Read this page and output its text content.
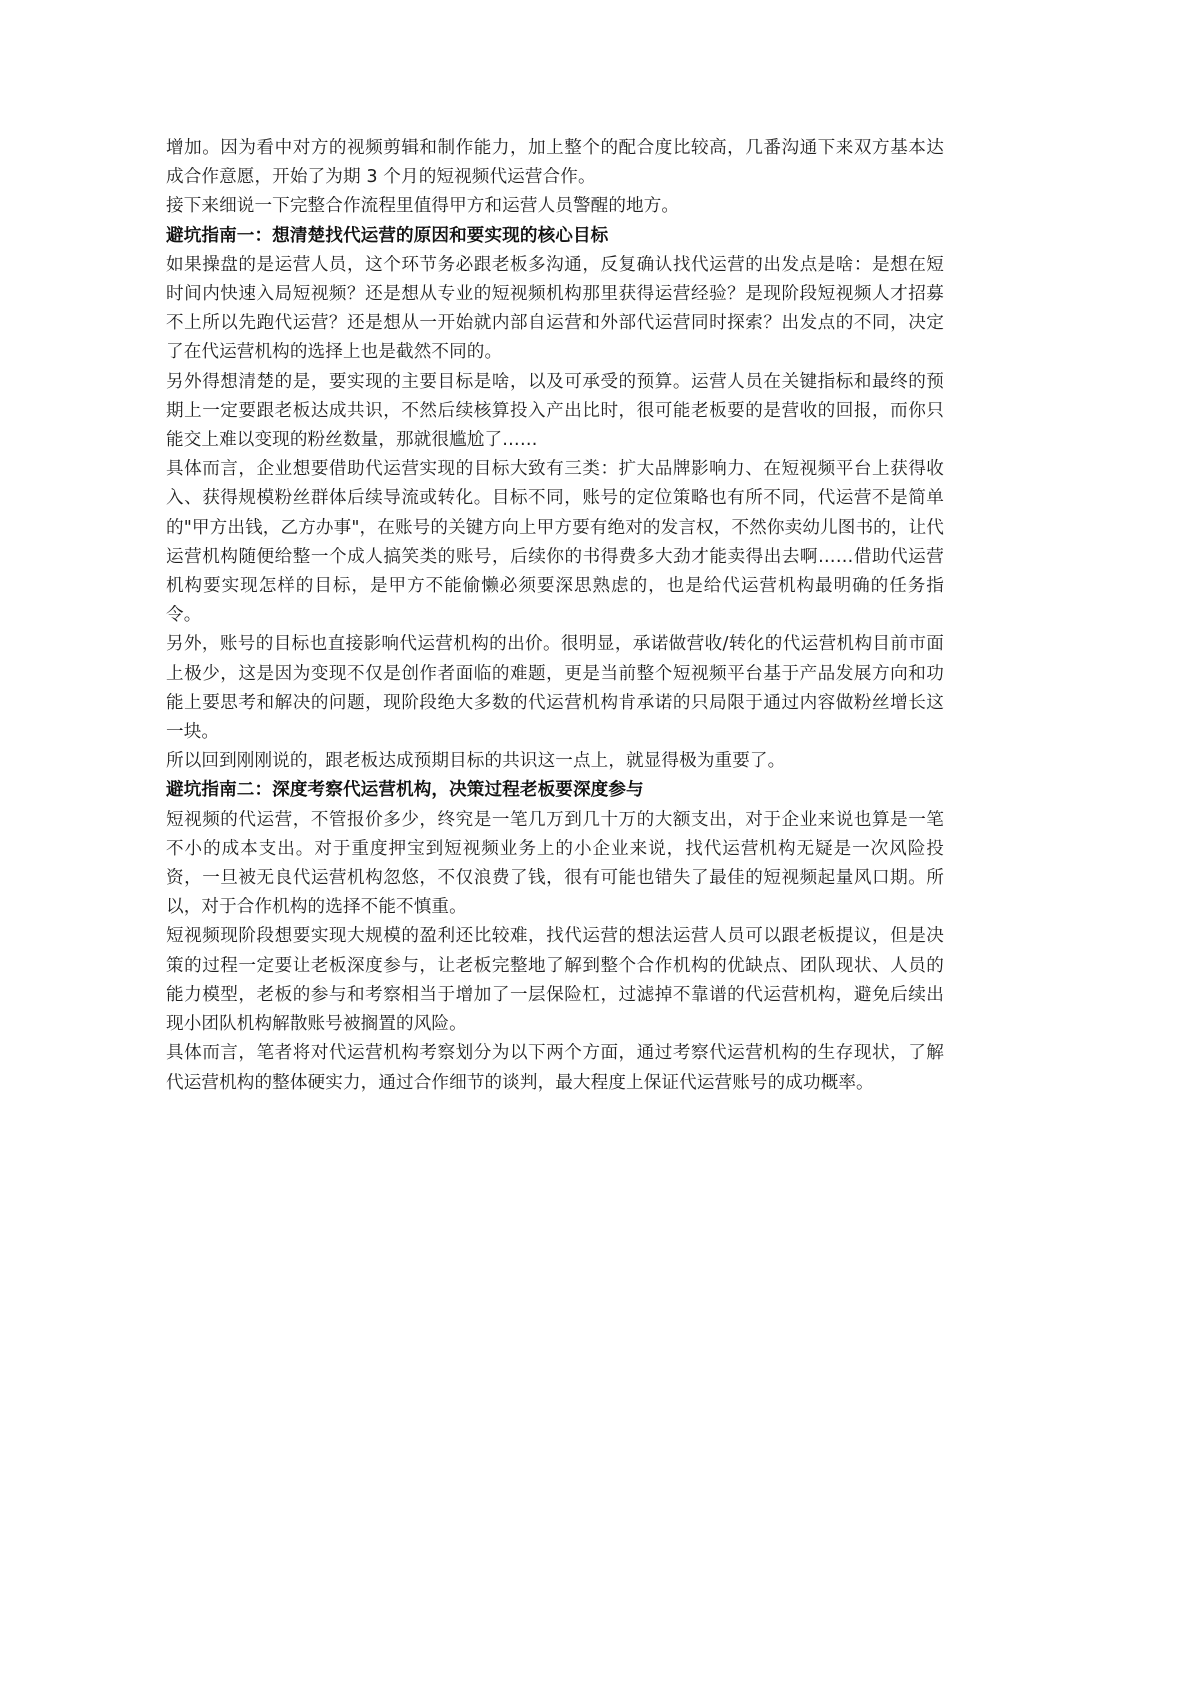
增加。因为看中对方的视频剪辑和制作能力，加上整个的配合度比较高，几番沟通下来双方基本达成合作意愿，开始了为期 3 个月的短视频代运营合作。

接下来细说一下完整合作流程里值得甲方和运营人员警醒的地方。

避坑指南一：想清楚找代运营的原因和要实现的核心目标

如果操盘的是运营人员，这个环节务必跟老板多沟通，反复确认找代运营的出发点是啥：是想在短时间内快速入局短视频？还是想从专业的短视频机构那里获得运营经验？是现阶段短视频人才招募不上所以先跑代运营？还是想从一开始就内部自运营和外部代运营同时探索？出发点的不同，决定了在代运营机构的选择上也是截然不同的。

另外得想清楚的是，要实现的主要目标是啥，以及可承受的预算。运营人员在关键指标和最终的预期上一定要跟老板达成共识，不然后续核算投入产出比时，很可能老板要的是营收的回报，而你只能交上难以变现的粉丝数量，那就很尴尬了……

具体而言，企业想要借助代运营实现的目标大致有三类：扩大品牌影响力、在短视频平台上获得收入、获得规模粉丝群体后续导流或转化。目标不同，账号的定位策略也有所不同，代运营不是简单的"甲方出钱，乙方办事"，在账号的关键方向上甲方要有绝对的发言权，不然你卖幼儿图书的，让代运营机构随便给整一个成人搞笑类的账号，后续你的书得费多大劲才能卖得出去啊……借助代运营机构要实现怎样的目标，是甲方不能偷懒必须要深思熟虑的，也是给代运营机构最明确的任务指令。

另外，账号的目标也直接影响代运营机构的出价。很明显，承诺做营收/转化的代运营机构目前市面上极少，这是因为变现不仅是创作者面临的难题，更是当前整个短视频平台基于产品发展方向和功能上要思考和解决的问题，现阶段绝大多数的代运营机构肯承诺的只局限于通过内容做粉丝增长这一块。

所以回到刚刚说的，跟老板达成预期目标的共识这一点上，就显得极为重要了。

避坑指南二：深度考察代运营机构，决策过程老板要深度参与

短视频的代运营，不管报价多少，终究是一笔几万到几十万的大额支出，对于企业来说也算是一笔不小的成本支出。对于重度押宝到短视频业务上的小企业来说，找代运营机构无疑是一次风险投资，一旦被无良代运营机构忽悠，不仅浪费了钱，很有可能也错失了最佳的短视频起量风口期。所以，对于合作机构的选择不能不慎重。

短视频现阶段想要实现大规模的盈利还比较难，找代运营的想法运营人员可以跟老板提议，但是决策的过程一定要让老板深度参与，让老板完整地了解到整个合作机构的优缺点、团队现状、人员的能力模型，老板的参与和考察相当于增加了一层保险杠，过滤掉不靠谱的代运营机构，避免后续出现小团队机构解散账号被搁置的风险。

具体而言，笔者将对代运营机构考察划分为以下两个方面，通过考察代运营机构的生存现状，了解代运营机构的整体硬实力，通过合作细节的谈判，最大程度上保证代运营账号的成功概率。
